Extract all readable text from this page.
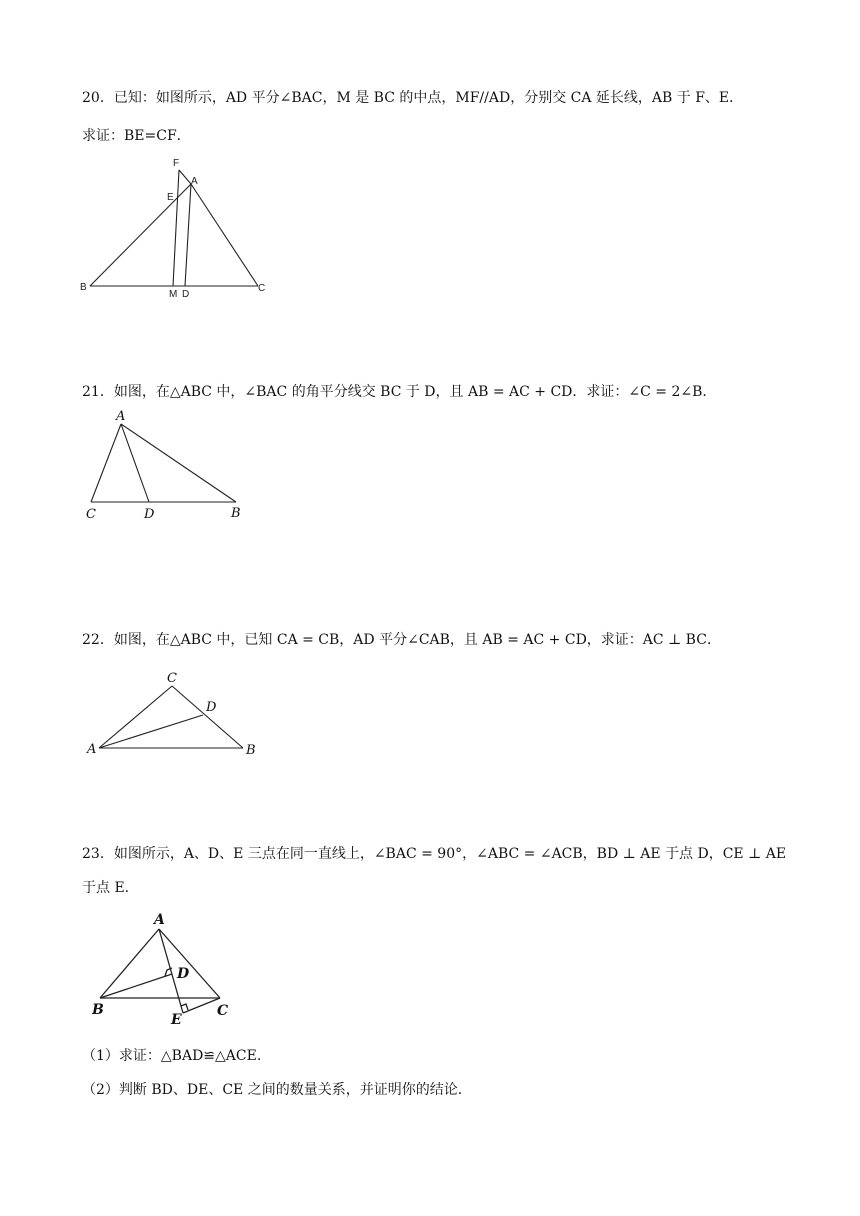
20．已知：如图所示，AD 平分∠BAC，M 是 BC 的中点，MF//AD，分别交 CA 延长线，AB 于 F、E．
求证：BE=CF．
F
A
E
B
M D
C
21．如图，在△ABC 中，∠BAC 的角平分线交 BC 于 D，且 AB = AC + CD．求证：∠C = 2∠B．
A
C	D	B
22．如图，在△ABC 中，已知 CA = CB，AD 平分∠CAB，且 AB = AC + CD，求证：AC ⊥ BC．
C
D
A	B
23．如图所示，A、D、E 三点在同一直线上，∠BAC = 90°，∠ABC = ∠ACB，BD ⊥ AE 于点 D，CE ⊥ AE
于点 E.
A
D
B
E
C
（1）求证：△BAD≌△ACE.
（2）判断 BD、DE、CE 之间的数量关系，并证明你的结论.
